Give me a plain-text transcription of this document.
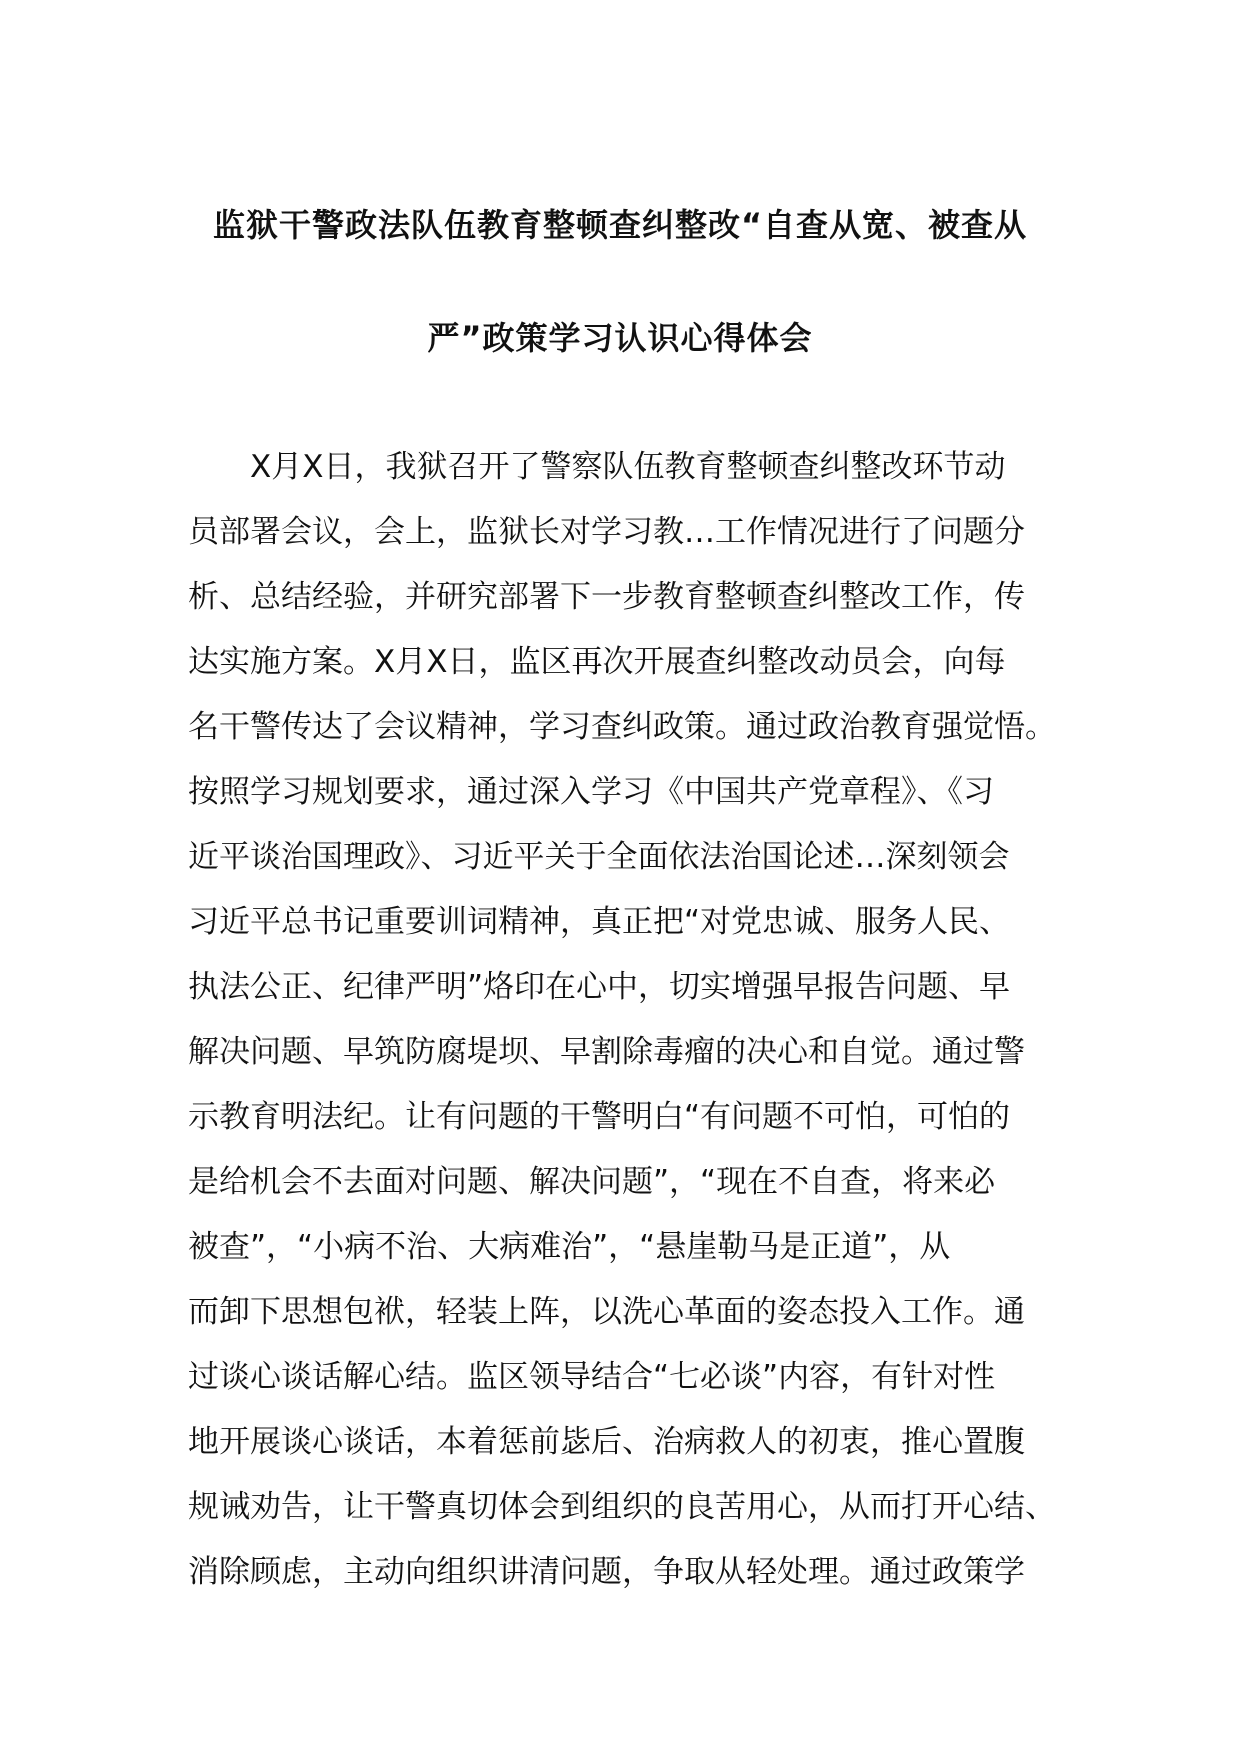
监狱干警政法队伍教育整顿查纠整改“自查从宽、被查从
严”政策学习认识心得体会
X月X日，我狱召开了警察队伍教育整顿查纠整改环节动
员部署会议，会上，监狱长对学习教…工作情况进行了问题分
析、总结经验，并研究部署下一步教育整顿查纠整改工作，传
达实施方案。X月X日，监区再次开展查纠整改动员会，向每
名干警传达了会议精神，学习查纠政策。通过政治教育强觉悟。
按照学习规划要求，通过深入学习《中国共产党章程》、《习
近平谈治国理政》、习近平关于全面依法治国论述…深刻领会
习近平总书记重要训词精神，真正把“对党忠诚、服务人民、
执法公正、纪律严明”烙印在心中，切实增强早报告问题、早
解决问题、早筑防腐堤坝、早割除毒瘤的决心和自觉。通过警
示教育明法纪。让有问题的干警明白“有问题不可怕，可怕的
是给机会不去面对问题、解决问题”，“现在不自查，将来必
被查”，“小病不治、大病难治”，“悬崖勒马是正道”，从
而卸下思想包袱，轻装上阵，以洗心革面的姿态投入工作。通
过谈心谈话解心结。监区领导结合“七必谈”内容，有针对性
地开展谈心谈话，本着惩前毖后、治病救人的初衷，推心置腹
规诫劝告，让干警真切体会到组织的良苦用心，从而打开心结、
消除顾虑，主动向组织讲清问题，争取从轻处理。通过政策学
